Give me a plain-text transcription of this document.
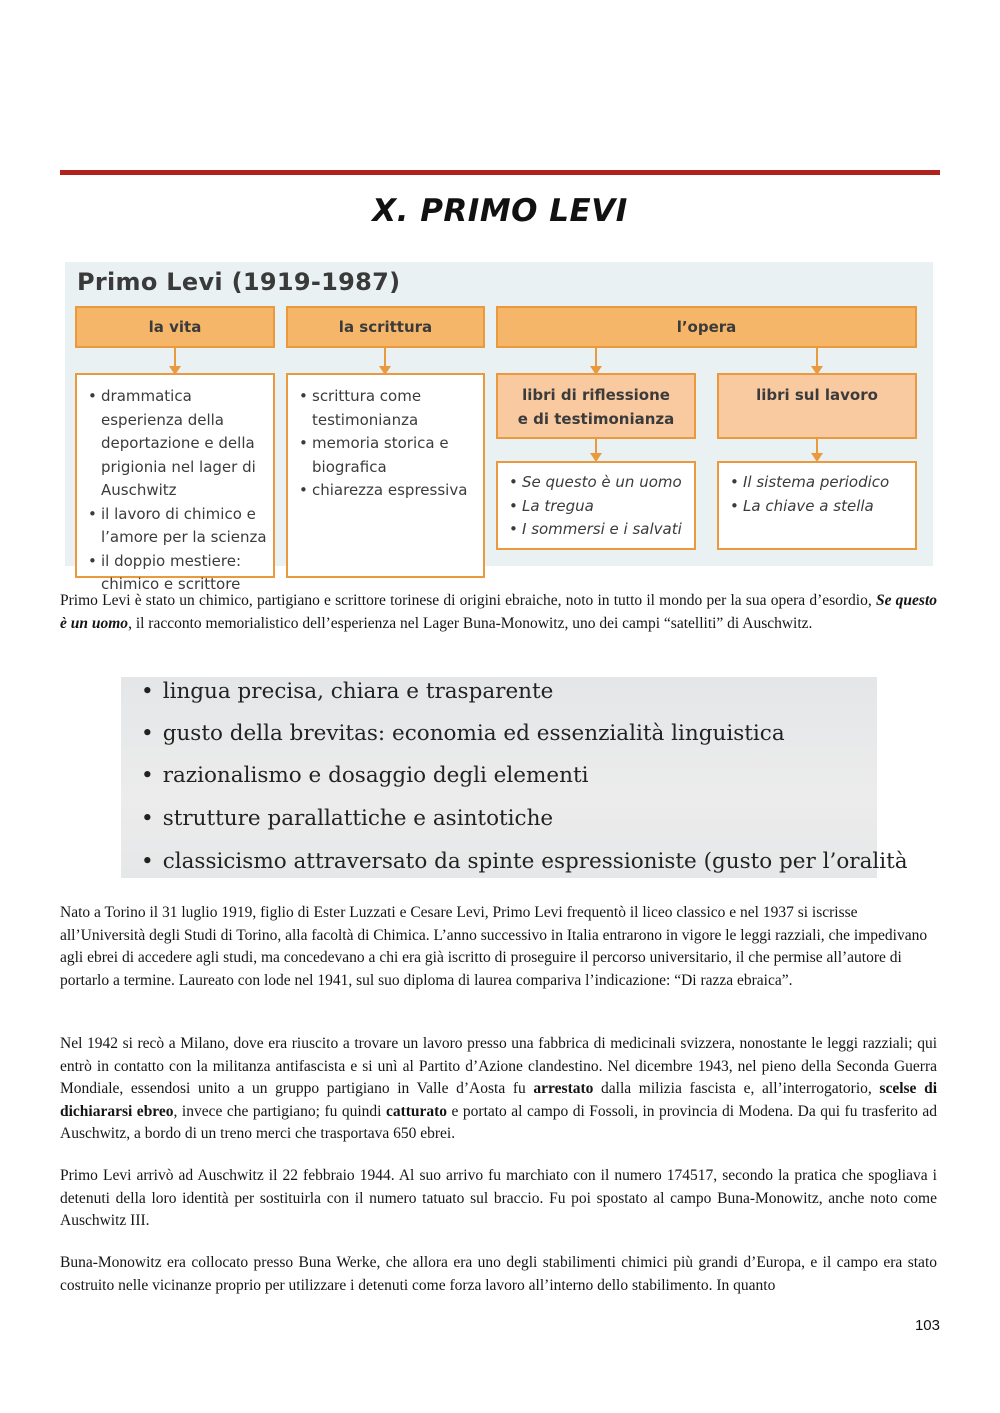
X. PRIMO LEVI
Primo Levi (1919-1987)
la vita	la scrittura	l’opera
• drammatica esperienza della deportazione e della prigionia nel lager di Auschwitz
• il lavoro di chimico e l’amore per la scienza
• il doppio mestiere: chimico e scrittore
• scrittura come testimonianza
• memoria storica e biografica
• chiarezza espressiva
libri di riflessione e di testimonianza
libri sul lavoro
• Se questo è un uomo
• La tregua
• I sommersi e i salvati
• Il sistema periodico
• La chiave a stella

Primo Levi è stato un chimico, partigiano e scrittore torinese di origini ebraiche, noto in tutto il mondo per la sua opera d’esordio, Se questo è un uomo, il racconto memorialistico dell’esperienza nel Lager Buna-Monowitz, uno dei campi “satelliti” di Auschwitz.

• lingua precisa, chiara e trasparente
• gusto della brevitas: economia ed essenzialità linguistica
• razionalismo e dosaggio degli elementi
• strutture parallattiche e asintotiche
• classicismo attraversato da spinte espressioniste (gusto per l’oralità

Nato a Torino il 31 luglio 1919, figlio di Ester Luzzati e Cesare Levi, Primo Levi frequentò il liceo classico e nel 1937 si iscrisse all’Università degli Studi di Torino, alla facoltà di Chimica. L’anno successivo in Italia entrarono in vigore le leggi razziali, che impedivano agli ebrei di accedere agli studi, ma concedevano a chi era già iscritto di proseguire il percorso universitario, il che permise all’autore di portarlo a termine. Laureato con lode nel 1941, sul suo diploma di laurea compariva l’indicazione: “Di razza ebraica”.

Nel 1942 si recò a Milano, dove era riuscito a trovare un lavoro presso una fabbrica di medicinali svizzera, nonostante le leggi razziali; qui entrò in contatto con la militanza antifascista e si unì al Partito d’Azione clandestino. Nel dicembre 1943, nel pieno della Seconda Guerra Mondiale, essendosi unito a un gruppo partigiano in Valle d’Aosta fu arrestato dalla milizia fascista e, all’interrogatorio, scelse di dichiararsi ebreo, invece che partigiano; fu quindi catturato e portato al campo di Fossoli, in provincia di Modena. Da qui fu trasferito ad Auschwitz, a bordo di un treno merci che trasportava 650 ebrei.

Primo Levi arrivò ad Auschwitz il 22 febbraio 1944. Al suo arrivo fu marchiato con il numero 174517, secondo la pratica che spogliava i detenuti della loro identità per sostituirla con il numero tatuato sul braccio. Fu poi spostato al campo Buna-Monowitz, anche noto come Auschwitz III.

Buna-Monowitz era collocato presso Buna Werke, che allora era uno degli stabilimenti chimici più grandi d’Europa, e il campo era stato costruito nelle vicinanze proprio per utilizzare i detenuti come forza lavoro all’interno dello stabilimento. In quanto

103
